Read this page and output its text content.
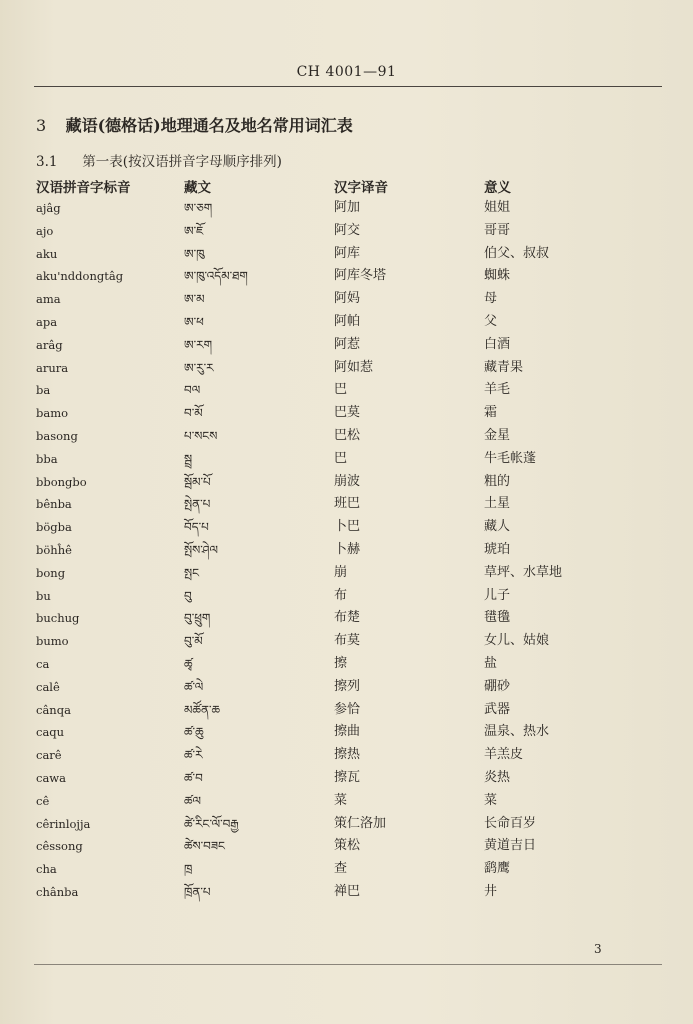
CH 4001—91
3 藏语(德格话)地理通名及地名常用词汇表
3.1 第一表(按汉语拼音字母顺序排列)
汉语拼音字标音	藏文	汉字译音	意义
ajâg	ཨ་ཅག	阿加	姐姐
ajo	ཨ་ཇོ	阿交	哥哥
aku	ཨ་ཁུ	阿库	伯父、叔叔
aku'nddongtâg	ཨ་ཁུ་འདོམ་ཐག	阿库冬塔	蜘蛛
ama	ཨ་མ	阿妈	母
apa	ཨ་ཕ	阿帕	父
arâg	ཨ་རག	阿惹	白酒
arura	ཨ་རུ་ར	阿如惹	藏青果
ba	བལ	巴	羊毛
bamo	བ་མོ	巴莫	霜
basong	པ་སངས	巴松	金星
bba	སྦྲ	巴	牛毛帐蓬
bbongbo	སྦོམ་པོ	崩波	粗的
bênba	སྤེན་པ	班巴	土星
bögba	བོད་པ	卜巴	藏人
böhĥê	སྤོས་ཤེལ	卜赫	琥珀
bong	སྤང	崩	草坪、水草地
bu	བུ	布	儿子
buchug	བུ་ཕྲུག	布楚	氆氇
bumo	བུ་མོ	布莫	女儿、姑娘
ca	ཚྭ	擦	盐
calê	ཚ་ལེ	擦列	硼砂
cânqa	མཚོན་ཆ	参恰	武器
caqu	ཚ་ཆུ	擦曲	温泉、热水
carê	ཚ་རེ	擦热	羊羔皮
cawa	ཚ་བ	擦瓦	炎热
cê	ཚལ	菜	菜
cêrinlojja	ཚེ་རིང་ལོ་བརྒྱ	策仁洛加	长命百岁
cêssong	ཚེས་བཟང	策松	黄道吉日
cha	ཁྲ	查	鹞鹰
chânba	ཁྲོན་པ	禅巴	井
3
